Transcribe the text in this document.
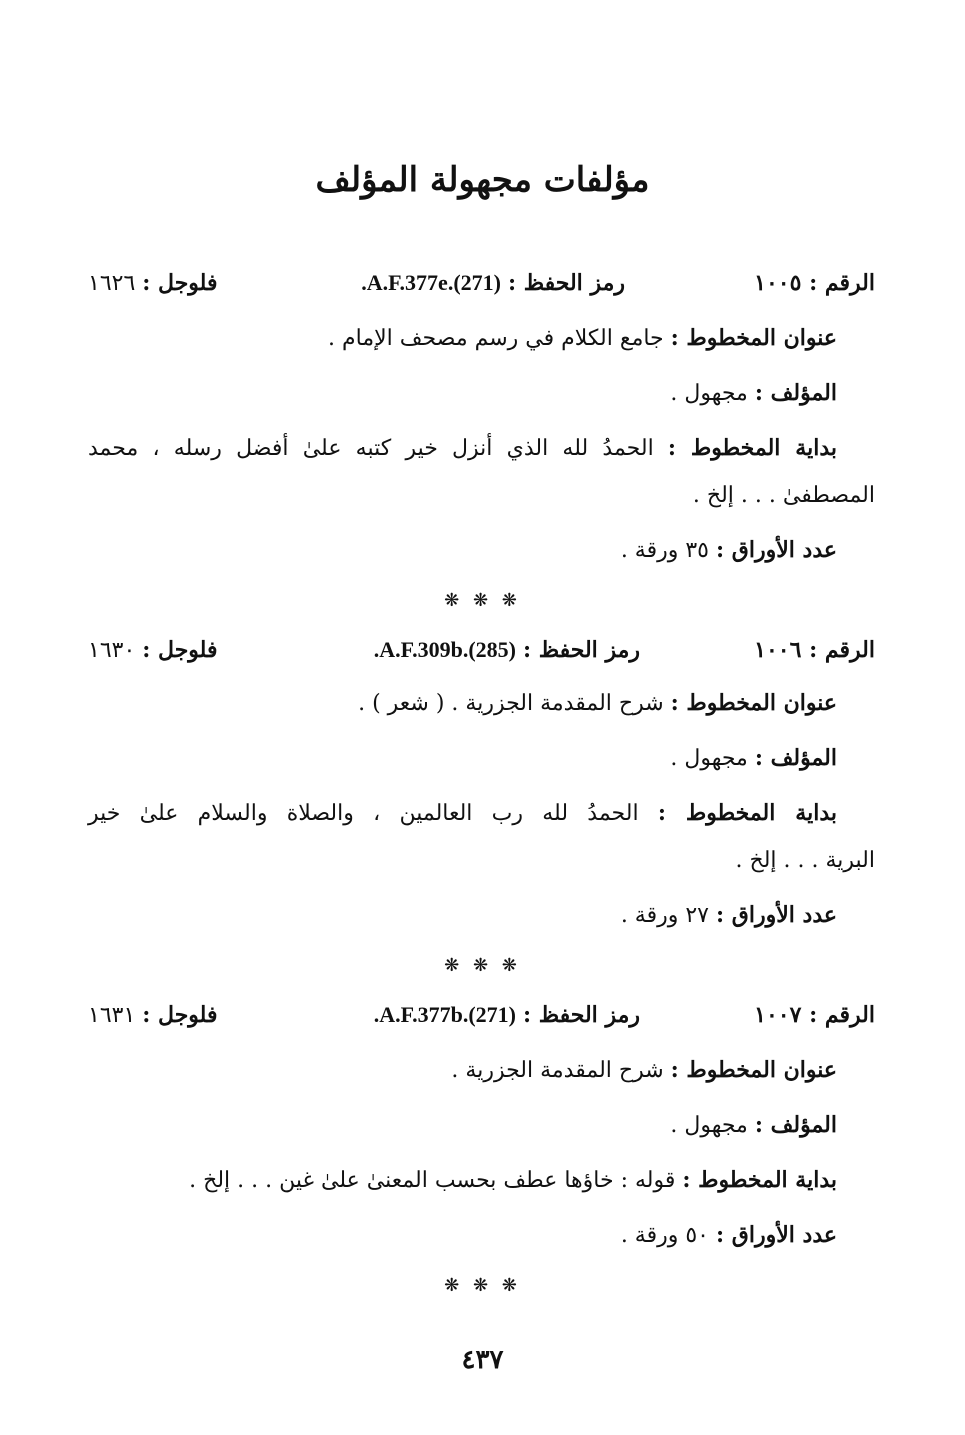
مؤلفات مجهولة المؤلف
الرقم : ١٠٠٥
رمز الحفظ : A.F.377e.(271).
فلوجل : ١٦٢٦
عنوان المخطوط : جامع الكلام في رسم مصحف الإمام .
المؤلف : مجهول .
بداية المخطوط : الحمدُ لله الذي أنزل خير كتبه علىٰ أفضل رسله ، محمد
المصطفىٰ . . . إلخ .
عدد الأوراق : ٣٥ ورقة .
❋ ❋ ❋
الرقم : ١٠٠٦
رمز الحفظ : A.F.309b.(285).
فلوجل : ١٦٣٠
عنوان المخطوط : شرح المقدمة الجزرية . ( شعر ) .
المؤلف : مجهول .
بداية المخطوط : الحمدُ لله رب العالمين ، والصلاة والسلام علىٰ خير
البرية . . . إلخ .
عدد الأوراق : ٢٧ ورقة .
❋ ❋ ❋
الرقم : ١٠٠٧
رمز الحفظ : A.F.377b.(271).
فلوجل : ١٦٣١
عنوان المخطوط : شرح المقدمة الجزرية .
المؤلف : مجهول .
بداية المخطوط : قوله : خاؤها عطف بحسب المعنىٰ علىٰ غين . . . إلخ .
عدد الأوراق : ٥٠ ورقة .
❋ ❋ ❋
٤٣٧
